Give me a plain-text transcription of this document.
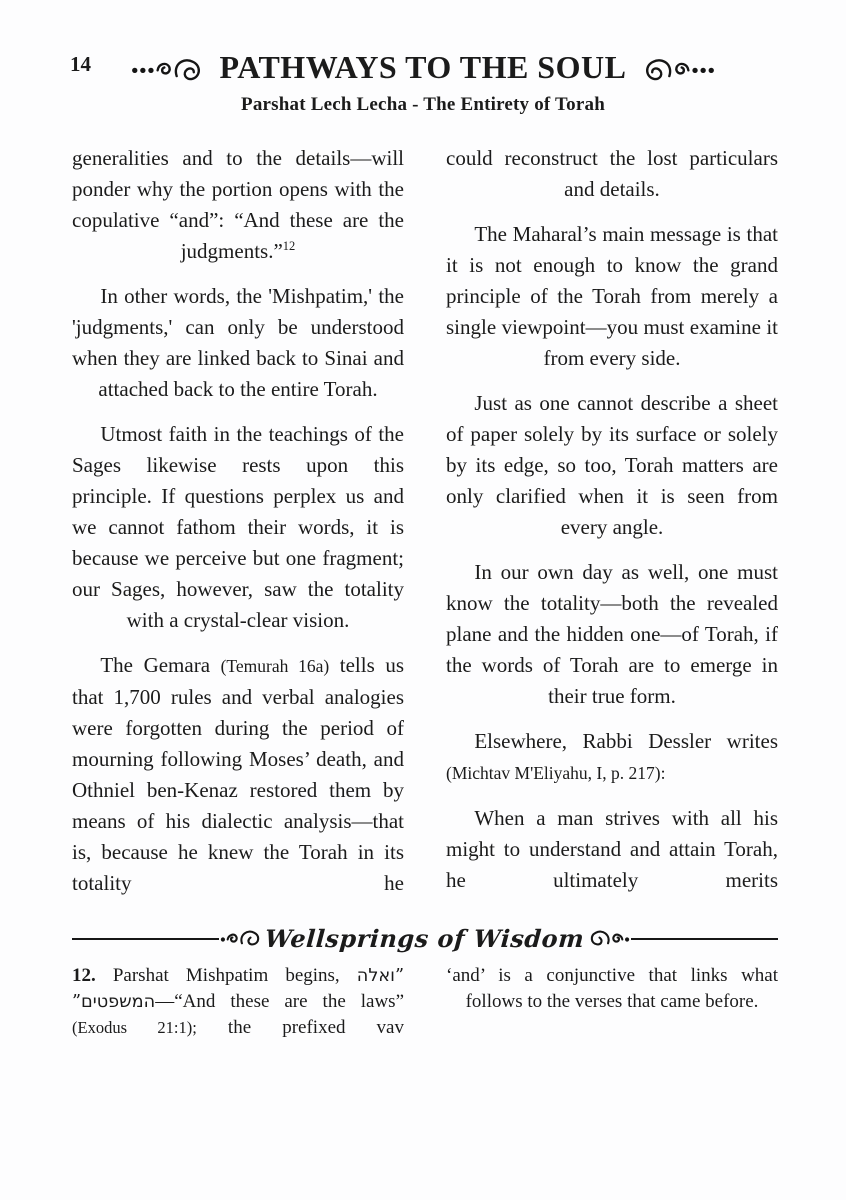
14	PATHWAYS TO THE SOUL
Parshat Lech Lecha - The Entirety of Torah

generalities and to the details—will ponder why the portion opens with the copulative “and”: “And these are the judgments.”$^{12}$

In other words, the 'Mishpatim,' the 'judgments,' can only be understood when they are linked back to Sinai and attached back to the entire Torah.

Utmost faith in the teachings of the Sages likewise rests upon this principle. If questions perplex us and we cannot fathom their words, it is because we perceive but one fragment; our Sages, however, saw the totality with a crystal-clear vision.

The Gemara (Temurah 16a) tells us that 1,700 rules and verbal analogies were forgotten during the period of mourning following Moses’ death, and Othniel ben-Kenaz restored them by means of his dialectic analysis—that is, because he knew the Torah in its totality he

could reconstruct the lost particulars and details.

The Maharal’s main message is that it is not enough to know the grand principle of the Torah from merely a single viewpoint—you must examine it from every side.

Just as one cannot describe a sheet of paper solely by its surface or solely by its edge, so too, Torah matters are only clarified when it is seen from every angle.

In our own day as well, one must know the totality—both the revealed plane and the hidden one—of Torah, if the words of Torah are to emerge in their true form.

Elsewhere, Rabbi Dessler writes (Michtav M'Eliyahu, I, p. 217):

When a man strives with all his might to understand and attain Torah, he ultimately merits

Wellsprings of Wisdom

12. Parshat Mishpatim begins, ”ואלה המשפטים”—“And these are the laws” (Exodus 21:1); the prefixed vav

‘and’ is a conjunctive that links what follows to the verses that came before.
